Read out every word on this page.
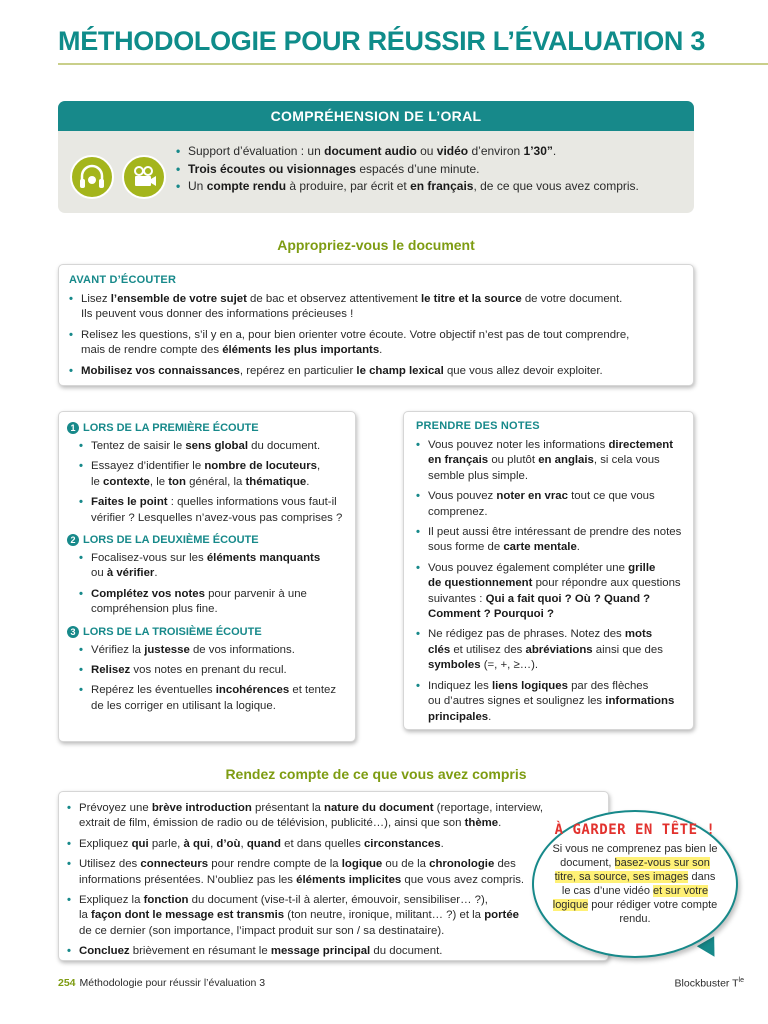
MÉTHODOLOGIE POUR RÉUSSIR L’ÉVALUATION 3
COMPRÉHENSION DE L’ORAL

• Support d’évaluation : un document audio ou vidéo d’environ 1’30”.
• Trois écoutes ou visionnages espacés d’une minute.
• Un compte rendu à produire, par écrit et en français, de ce que vous avez compris.
Appropriez-vous le document
AVANT D’ÉCOUTER
• Lisez l’ensemble de votre sujet de bac et observez attentivement le titre et la source de votre document.
Ils peuvent vous donner des informations précieuses !
• Relisez les questions, s’il y en a, pour bien orienter votre écoute. Votre objectif n’est pas de tout comprendre,
mais de rendre compte des éléments les plus importants.
• Mobilisez vos connaissances, repérez en particulier le champ lexical que vous allez devoir exploiter.
1 LORS DE LA PREMIÈRE ÉCOUTE
• Tentez de saisir le sens global du document.
• Essayez d’identifier le nombre de locuteurs,
le contexte, le ton général, la thématique.
• Faites le point : quelles informations vous faut-il
vérifier ? Lesquelles n’avez-vous pas comprises ?
2 LORS DE LA DEUXIÈME ÉCOUTE
• Focalisez-vous sur les éléments manquants
ou à vérifier.
• Complétez vos notes pour parvenir à une
compréhension plus fine.
3 LORS DE LA TROISIÈME ÉCOUTE
• Vérifiez la justesse de vos informations.
• Relisez vos notes en prenant du recul.
• Repérez les éventuelles incohérences et tentez
de les corriger en utilisant la logique.
PRENDRE DES NOTES
• Vous pouvez noter les informations directement
en français ou plutôt en anglais, si cela vous
semble plus simple.
• Vous pouvez noter en vrac tout ce que vous
comprenez.
• Il peut aussi être intéressant de prendre des notes
sous forme de carte mentale.
• Vous pouvez également compléter une grille
de questionnement pour répondre aux questions
suivantes : Qui a fait quoi ? Où ? Quand ?
Comment ? Pourquoi ?
• Ne rédigez pas de phrases. Notez des mots
clés et utilisez des abréviations ainsi que des
symboles (=, +, ≥…).
• Indiquez les liens logiques par des flèches
ou d’autres signes et soulignez les informations
principales.
Rendez compte de ce que vous avez compris
• Prévoyez une brève introduction présentant la nature du document (reportage, interview,
extrait de film, émission de radio ou de télévision, publicité…), ainsi que son thème.
• Expliquez qui parle, à qui, d’où, quand et dans quelles circonstances.
• Utilisez des connecteurs pour rendre compte de la logique ou de la chronologie des
informations présentées. N’oubliez pas les éléments implicites que vous avez compris.
• Expliquez la fonction du document (vise-t-il à alerter, émouvoir, sensibiliser… ?),
la façon dont le message est transmis (ton neutre, ironique, militant… ?) et la portée
de ce dernier (son importance, l’impact produit sur son / sa destinataire).
• Concluez brièvement en résumant le message principal du document.
À GARDER EN TÊTE !
Si vous ne comprenez pas bien le document, basez-vous sur son titre, sa source, ses images dans le cas d’une vidéo et sur votre logique pour rédiger votre compte rendu.
254 Méthodologie pour réussir l’évaluation 3	Blockbuster $T^{le}$
